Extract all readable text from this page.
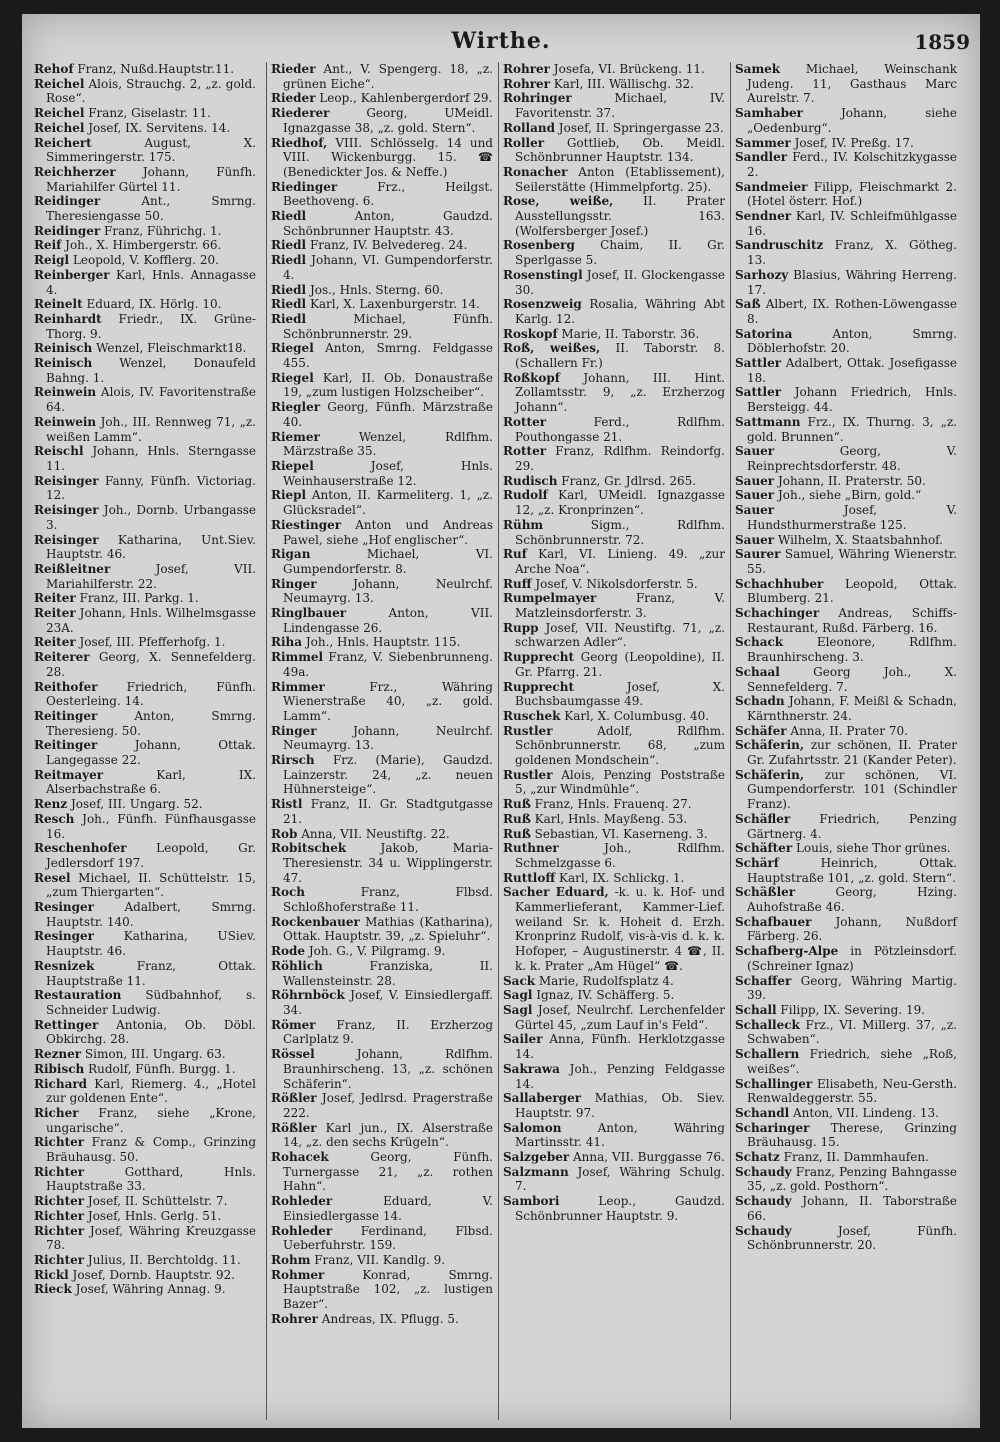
Wirthe.	1859

Rehof Franz, Nußd.Hauptstr.11.

Reichel Alois, Strauchg. 2, „z. gold. Rose“.

Reichel Franz, Giselastr. 11.

Reichel Josef, IX. Servitens. 14.

Reichert August, X. Simmeringerstr. 175.

Reichherzer Johann, Fünfh. Mariahilfer Gürtel 11.

Reidinger Ant., Smrng. Theresiengasse 50.

Reidinger Franz, Führichg. 1.

Reif Joh., X. Himbergerstr. 66.

Reigl Leopold, V. Kofflerg. 20.

Reinberger Karl, Hnls. Annagasse 4.

Reinelt Eduard, IX. Hörlg. 10.

Reinhardt Friedr., IX. Grüne-Thorg. 9.

Reinisch Wenzel, Fleischmarkt18.

Reinisch Wenzel, Donaufeld Bahng. 1.

Reinwein Alois, IV. Favoritenstraße 64.

Reinwein Joh., III. Rennweg 71, „z. weißen Lamm“.

Reischl Johann, Hnls. Sterngasse 11.

Reisinger Fanny, Fünfh. Victoriag. 12.

Reisinger Joh., Dornb. Urbangasse 3.

Reisinger Katharina, Unt.Siev. Hauptstr. 46.

Reißleitner Josef, VII. Mariahilferstr. 22.

Reiter Franz, III. Parkg. 1.

Reiter Johann, Hnls. Wilhelmsgasse 23A.

Reiter Josef, III. Pfefferhofg. 1.

Reiterer Georg, X. Sennefelderg. 28.

Reithofer Friedrich, Fünfh. Oesterleing. 14.

Reitinger Anton, Smrng. Theresieng. 50.

Reitinger Johann, Ottak. Langegasse 22.

Reitmayer Karl, IX. Alserbachstraße 6.

Renz Josef, III. Ungarg. 52.

Resch Joh., Fünfh. Fünfhausgasse 16.

Reschenhofer Leopold, Gr. Jedlersdorf 197.

Resel Michael, II. Schüttelstr. 15, „zum Thiergarten“.

Resinger Adalbert, Smrng. Hauptstr. 140.

Resinger Katharina, USiev. Hauptstr. 46.

Resnizek Franz, Ottak. Hauptstraße 11.

Restauration Südbahnhof, s. Schneider Ludwig.

Rettinger Antonia, Ob. Döbl. Obkirchg. 28.

Rezner Simon, III. Ungarg. 63.

Ribisch Rudolf, Fünfh. Burgg. 1.

Richard Karl, Riemerg. 4., „Hotel zur goldenen Ente“.

Richer Franz, siehe „Krone, ungarische“.

Richter Franz & Comp., Grinzing Bräuhausg. 50.

Richter Gotthard, Hnls. Hauptstraße 33.

Richter Josef, II. Schüttelstr. 7.

Richter Josef, Hnls. Gerlg. 51.

Richter Josef, Währing Kreuzgasse 78.

Richter Julius, II. Berchtoldg. 11.

Rickl Josef, Dornb. Hauptstr. 92.

Rieck Josef, Währing Annag. 9.

Rieder Ant., V. Spengerg. 18, „z. grünen Eiche“.

Rieder Leop., Kahlenbergerdorf 29.

Riederer Georg, UMeidl. Ignazgasse 38, „z. gold. Stern“.

Riedhof, VIII. Schlösselg. 14 und VIII. Wickenburgg. 15. ☎ (Benedickter Jos. & Neffe.)

Riedinger Frz., Heilgst. Beethoveng. 6.

Riedl Anton, Gaudzd. Schönbrunner Hauptstr. 43.

Riedl Franz, IV. Belvedereg. 24.

Riedl Johann, VI. Gumpendorferstr. 4.

Riedl Jos., Hnls. Sterng. 60.

Riedl Karl, X. Laxenburgerstr. 14.

Riedl Michael, Fünfh. Schönbrunnerstr. 29.

Riegel Anton, Smrng. Feldgasse 455.

Riegel Karl, II. Ob. Donaustraße 19, „zum lustigen Holzscheiber“.

Riegler Georg, Fünfh. Märzstraße 40.

Riemer Wenzel, Rdlfhm. Märzstraße 35.

Riepel Josef, Hnls. Weinhauserstraße 12.

Riepl Anton, II. Karmeliterg. 1, „z. Glücksradel“.

Riestinger Anton und Andreas Pawel, siehe „Hof englischer“.

Rigan Michael, VI. Gumpendorferstr. 8.

Ringer Johann, Neulrchf. Neumayrg. 13.

Ringlbauer Anton, VII. Lindengasse 26.

Riha Joh., Hnls. Hauptstr. 115.

Rimmel Franz, V. Siebenbrunneng. 49a.

Rimmer Frz., Währing Wienerstraße 40, „z. gold. Lamm“.

Ringer Johann, Neulrchf. Neumayrg. 13.

Rirsch Frz. (Marie), Gaudzd. Lainzerstr. 24, „z. neuen Hühnersteige“.

Ristl Franz, II. Gr. Stadtgutgasse 21.

Rob Anna, VII. Neustiftg. 22.

Robitschek Jakob, Maria-Theresienstr. 34 u. Wipplingerstr. 47.

Roch Franz, Flbsd. Schloßhoferstraße 11.

Rockenbauer Mathias (Katharina), Ottak. Hauptstr. 39, „z. Spieluhr“.

Rode Joh. G., V. Pilgramg. 9.

Röhlich Franziska, II. Wallensteinstr. 28.

Röhrnböck Josef, V. Einsiedlergaff. 34.

Römer Franz, II. Erzherzog Carlplatz 9.

Rössel Johann, Rdlfhm. Braunhirscheng. 13, „z. schönen Schäferin“.

Rößler Josef, Jedlrsd. Pragerstraße 222.

Rößler Karl jun., IX. Alserstraße 14, „z. den sechs Krügeln“.

Rohacek Georg, Fünfh. Turnergasse 21, „z. rothen Hahn“.

Rohleder Eduard, V. Einsiedlergasse 14.

Rohleder Ferdinand, Flbsd. Ueberfuhrstr. 159.

Rohm Franz, VII. Kandlg. 9.

Rohmer Konrad, Smrng. Hauptstraße 102, „z. lustigen Bazer“.

Rohrer Andreas, IX. Pflugg. 5.

Rohrer Josefa, VI. Brückeng. 11.

Rohrer Karl, III. Wällischg. 32.

Rohringer Michael, IV. Favoritenstr. 37.

Rolland Josef, II. Springergasse 23.

Roller Gottlieb, Ob. Meidl. Schönbrunner Hauptstr. 134.

Ronacher Anton (Etablissement), Seilerstätte (Himmelpfortg. 25).

Rose, weiße, II. Prater Ausstellungsstr. 163. (Wolfersberger Josef.)

Rosenberg Chaim, II. Gr. Sperlgasse 5.

Rosenstingl Josef, II. Glockengasse 30.

Rosenzweig Rosalia, Währing Abt Karlg. 12.

Roskopf Marie, II. Taborstr. 36.

Roß, weißes, II. Taborstr. 8. (Schallern Fr.)

Roßkopf Johann, III. Hint. Zollamtsstr. 9, „z. Erzherzog Johann“.

Rotter Ferd., Rdlfhm. Pouthongasse 21.

Rotter Franz, Rdlfhm. Reindorfg. 29.

Rudisch Franz, Gr. Jdlrsd. 265.

Rudolf Karl, UMeidl. Ignazgasse 12, „z. Kronprinzen“.

Rühm Sigm., Rdlfhm. Schönbrunnerstr. 72.

Ruf Karl, VI. Linieng. 49. „zur Arche Noa“.

Ruff Josef, V. Nikolsdorferstr. 5.

Rumpelmayer Franz, V. Matzleinsdorferstr. 3.

Rupp Josef, VII. Neustiftg. 71, „z. schwarzen Adler“.

Rupprecht Georg (Leopoldine), II. Gr. Pfarrg. 21.

Rupprecht Josef, X. Buchsbaumgasse 49.

Ruschek Karl, X. Columbusg. 40.

Rustler Adolf, Rdlfhm. Schönbrunnerstr. 68, „zum goldenen Mondschein“.

Rustler Alois, Penzing Poststraße 5, „zur Windmühle“.

Ruß Franz, Hnls. Frauenq. 27.

Ruß Karl, Hnls. Mayßeng. 53.

Ruß Sebastian, VI. Kaserneng. 3.

Ruthner Joh., Rdlfhm. Schmelzgasse 6.

Ruttloff Karl, IX. Schlickg. 1.

Sacher Eduard, -k. u. k. Hof- und Kammerlieferant, Kammer-Lief. weiland Sr. k. Hoheit d. Erzh. Kronprinz Rudolf, vis-à-vis d. k. k. Hofoper, – Augustinerstr. 4 ☎, II. k. k. Prater „Am Hügel“ ☎.

Sack Marie, Rudolfsplatz 4.

Sagl Ignaz, IV. Schäfferg. 5.

Sagl Josef, Neulrchf. Lerchenfelder Gürtel 45, „zum Lauf in's Feld“.

Sailer Anna, Fünfh. Herklotzgasse 14.

Sakrawa Joh., Penzing Feldgasse 14.

Sallaberger Mathias, Ob. Siev. Hauptstr. 97.

Salomon Anton, Währing Martinsstr. 41.

Salzgeber Anna, VII. Burggasse 76.

Salzmann Josef, Währing Schulg. 7.

Sambori Leop., Gaudzd. Schönbrunner Hauptstr. 9.

Samek Michael, Weinschank Judeng. 11, Gasthaus Marc Aurelstr. 7.

Samhaber Johann, siehe „Oedenburg“.

Sammer Josef, IV. Preßg. 17.

Sandler Ferd., IV. Kolschitzkygasse 2.

Sandmeier Filipp, Fleischmarkt 2. (Hotel österr. Hof.)

Sendner Karl, IV. Schleifmühlgasse 16.

Sandruschitz Franz, X. Götheg. 13.

Sarhozy Blasius, Währing Herreng. 17.

Saß Albert, IX. Rothen-Löwengasse 8.

Satorina Anton, Smrng. Döblerhofstr. 20.

Sattler Adalbert, Ottak. Josefigasse 18.

Sattler Johann Friedrich, Hnls. Bersteigg. 44.

Sattmann Frz., IX. Thurng. 3, „z. gold. Brunnen“.

Sauer Georg, V. Reinprechtsdorferstr. 48.

Sauer Johann, II. Praterstr. 50.

Sauer Joh., siehe „Birn, gold.“

Sauer Josef, V. Hundsthurmerstraße 125.

Sauer Wilhelm, X. Staatsbahnhof.

Saurer Samuel, Währing Wienerstr. 55.

Schachhuber Leopold, Ottak. Blumberg. 21.

Schachinger Andreas, Schiffs-Restaurant, Rußd. Färberg. 16.

Schack Eleonore, Rdlfhm. Braunhirscheng. 3.

Schaal Georg Joh., X. Sennefelderg. 7.

Schadn Johann, F. Meißl & Schadn, Kärnthnerstr. 24.

Schäfer Anna, II. Prater 70.

Schäferin, zur schönen, II. Prater Gr. Zufahrtsstr. 21 (Kander Peter).

Schäferin, zur schönen, VI. Gumpendorferstr. 101 (Schindler Franz).

Schäfler Friedrich, Penzing Gärtnerg. 4.

Schäfter Louis, siehe Thor grünes.

Schärf Heinrich, Ottak. Hauptstraße 101, „z. gold. Stern“.

Schäßler Georg, Hzing. Auhofstraße 46.

Schafbauer Johann, Nußdorf Färberg. 26.

Schafberg-Alpe in Pötzleinsdorf. (Schreiner Ignaz)

Schaffer Georg, Währing Martig. 39.

Schall Filipp, IX. Severing. 19.

Schalleck Frz., VI. Millerg. 37, „z. Schwaben“.

Schallern Friedrich, siehe „Roß, weißes“.

Schallinger Elisabeth, Neu-Gersth. Renwaldeggerstr. 55.

Schandl Anton, VII. Lindeng. 13.

Scharinger Therese, Grinzing Bräuhausg. 15.

Schatz Franz, II. Dammhaufen.

Schaudy Franz, Penzing Bahngasse 35, „z. gold. Posthorn“.

Schaudy Johann, II. Taborstraße 66.

Schaudy Josef, Fünfh. Schönbrunnerstr. 20.
